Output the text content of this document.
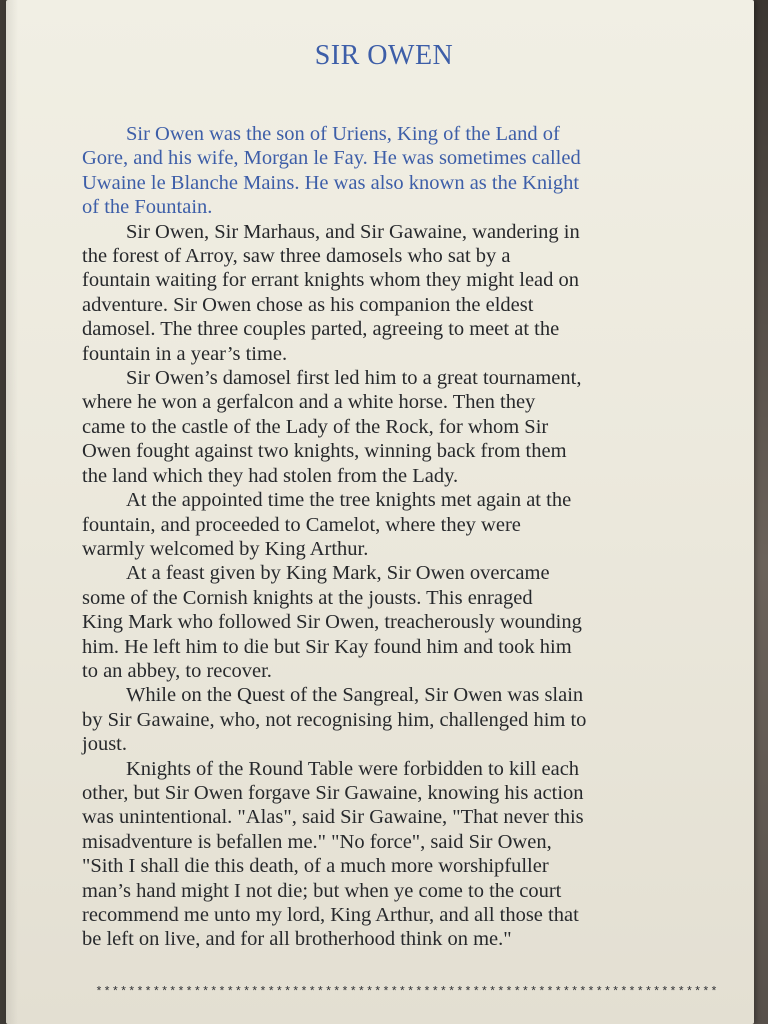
SIR OWEN

Sir Owen was the son of Uriens, King of the Land of
Gore, and his wife, Morgan le Fay. He was sometimes called
Uwaine le Blanche Mains. He was also known as the Knight
of the Fountain.

Sir Owen, Sir Marhaus, and Sir Gawaine, wandering in
the forest of Arroy, saw three damosels who sat by a
fountain waiting for errant knights whom they might lead on
adventure. Sir Owen chose as his companion the eldest
damosel. The three couples parted, agreeing to meet at the
fountain in a year’s time.

Sir Owen’s damosel first led him to a great tournament,
where he won a gerfalcon and a white horse. Then they
came to the castle of the Lady of the Rock, for whom Sir
Owen fought against two knights, winning back from them
the land which they had stolen from the Lady.

At the appointed time the tree knights met again at the
fountain, and proceeded to Camelot, where they were
warmly welcomed by King Arthur.

At a feast given by King Mark, Sir Owen overcame
some of the Cornish knights at the jousts. This enraged
King Mark who followed Sir Owen, treacherously wounding
him. He left him to die but Sir Kay found him and took him
to an abbey, to recover.

While on the Quest of the Sangreal, Sir Owen was slain
by Sir Gawaine, who, not recognising him, challenged him to
joust.

Knights of the Round Table were forbidden to kill each
other, but Sir Owen forgave Sir Gawaine, knowing his action
was unintentional. "Alas", said Sir Gawaine, "That never this
misadventure is befallen me." "No force", said Sir Owen,
"Sith I shall die this death, of a much more worshipfuller
man’s hand might I not die; but when ye come to the court
recommend me unto my lord, King Arthur, and all those that
be left on live, and for all brotherhood think on me."

****************************************************************************
